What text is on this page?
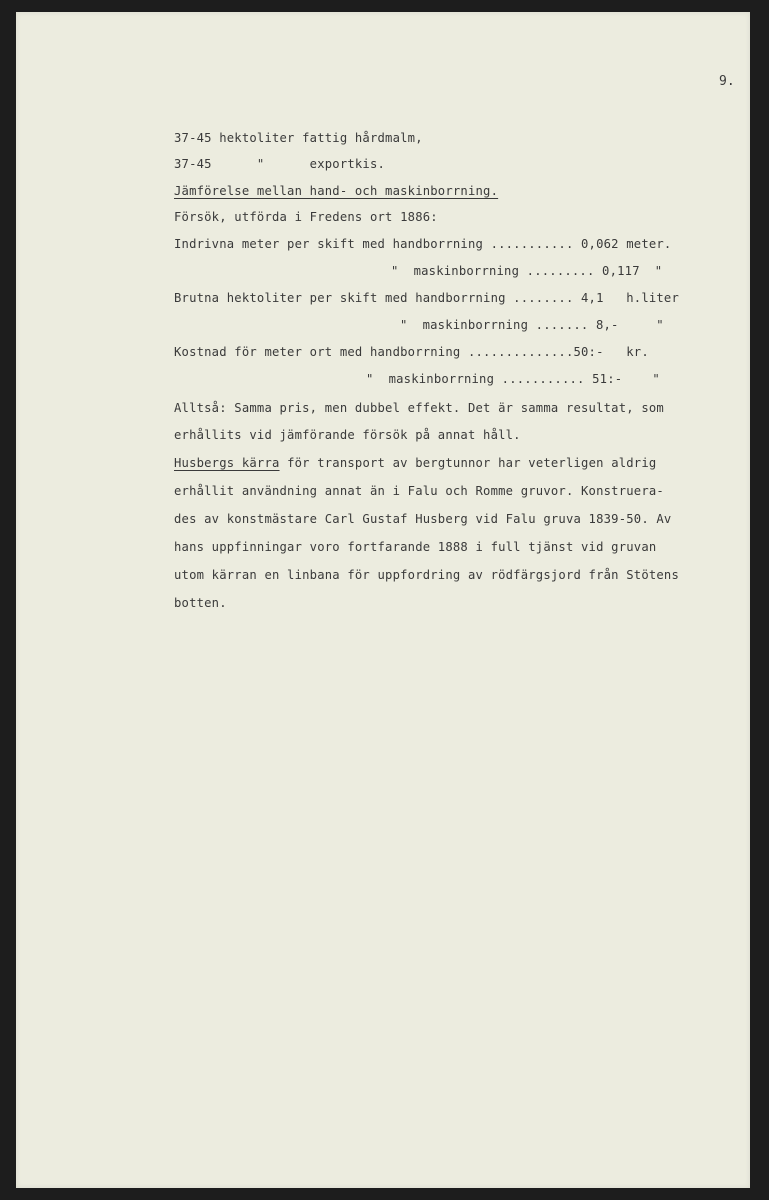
9.
37-45 hektoliter fattig hårdmalm,
37-45      "      exportkis.
Jämförelse mellan hand- och maskinborrning.
Försök, utförda i Fredens ort 1886:
Indrivna meter per skift med handborrning ........... 0,062 meter.
"  maskinborrning ......... 0,117  "
Brutna hektoliter per skift med handborrning ........ 4,1   h.liter
"  maskinborrning ....... 8,-     "
Kostnad för meter ort med handborrning ..............50:-   kr.
"  maskinborrning ........... 51:-    "
Alltså: Samma pris, men dubbel effekt. Det är samma resultat, som
erhållits vid jämförande försök på annat håll.
Husbergs kärra för transport av bergtunnor har veterligen aldrig
erhållit användning annat än i Falu och Romme gruvor. Konstruera-
des av konstmästare Carl Gustaf Husberg vid Falu gruva 1839-50. Av
hans uppfinningar voro fortfarande 1888 i full tjänst vid gruvan
utom kärran en linbana för uppfordring av rödfärgsjord från Stötens
botten.
